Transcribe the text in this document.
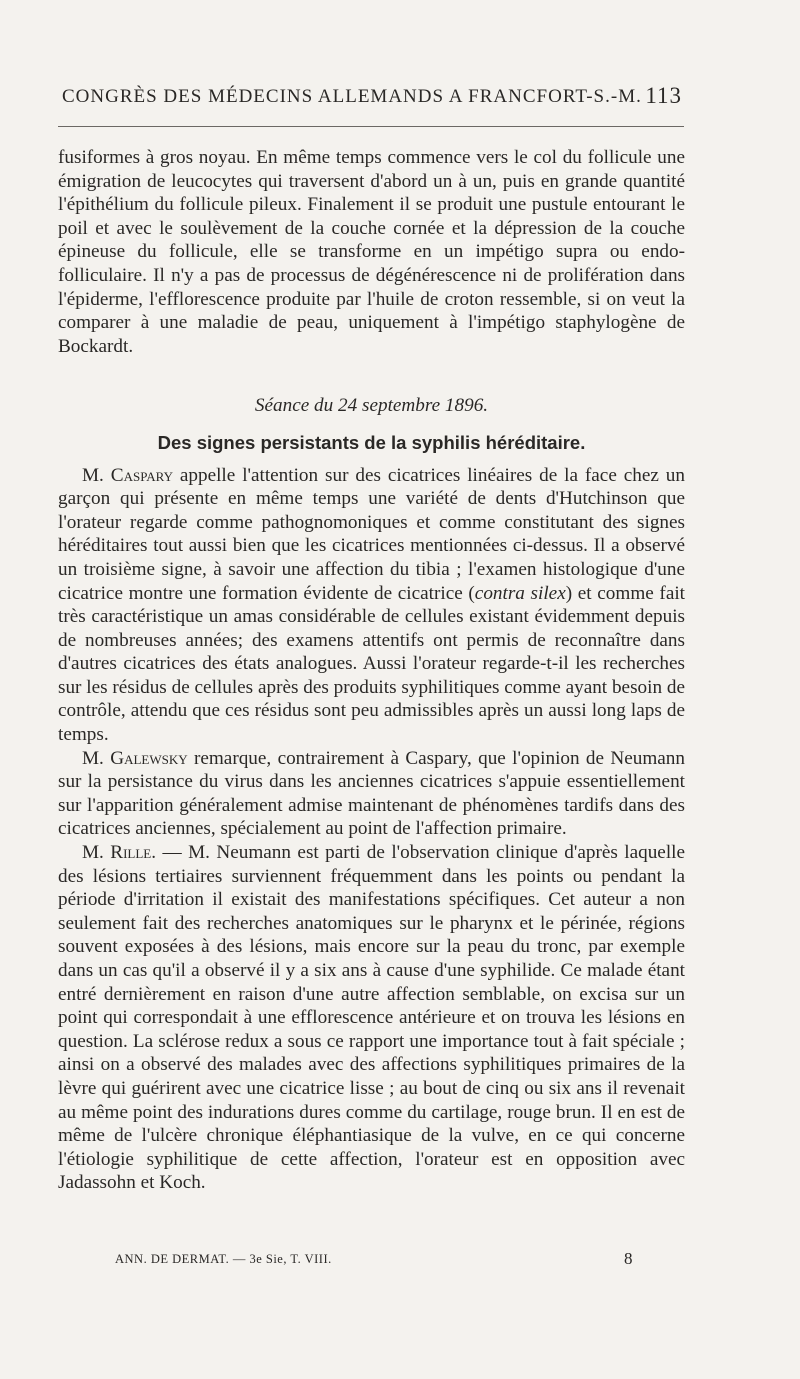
CONGRÈS DES MÉDECINS ALLEMANDS A FRANCFORT-S.-M. 113

fusiformes à gros noyau. En même temps commence vers le col du follicule une émigration de leucocytes qui traversent d'abord un à un, puis en grande quantité l'épithélium du follicule pileux. Finalement il se produit une pustule entourant le poil et avec le soulèvement de la couche cornée et la dépression de la couche épineuse du follicule, elle se transforme en un impétigo supra ou endo-folliculaire. Il n'y a pas de processus de dégénérescence ni de prolifération dans l'épiderme, l'efflorescence produite par l'huile de croton ressemble, si on veut la comparer à une maladie de peau, uniquement à l'impétigo staphylogène de Bockardt.

Séance du 24 septembre 1896.
Des signes persistants de la syphilis héréditaire.

M. Caspary appelle l'attention sur des cicatrices linéaires de la face chez un garçon qui présente en même temps une variété de dents d'Hutchinson que l'orateur regarde comme pathognomoniques et comme constitutant des signes héréditaires tout aussi bien que les cicatrices mentionnées ci-dessus. Il a observé un troisième signe, à savoir une affection du tibia ; l'examen histologique d'une cicatrice montre une formation évidente de cicatrice (contra silex) et comme fait très caractéristique un amas considérable de cellules existant évidemment depuis de nombreuses années; des examens attentifs ont permis de reconnaître dans d'autres cicatrices des états analogues. Aussi l'orateur regarde-t-il les recherches sur les résidus de cellules après des produits syphilitiques comme ayant besoin de contrôle, attendu que ces résidus sont peu admissibles après un aussi long laps de temps.

M. Galewsky remarque, contrairement à Caspary, que l'opinion de Neumann sur la persistance du virus dans les anciennes cicatrices s'appuie essentiellement sur l'apparition généralement admise maintenant de phénomènes tardifs dans des cicatrices anciennes, spécialement au point de l'affection primaire.

M. Rille. — M. Neumann est parti de l'observation clinique d'après laquelle des lésions tertiaires surviennent fréquemment dans les points ou pendant la période d'irritation il existait des manifestations spécifiques. Cet auteur a non seulement fait des recherches anatomiques sur le pharynx et le périnée, régions souvent exposées à des lésions, mais encore sur la peau du tronc, par exemple dans un cas qu'il a observé il y a six ans à cause d'une syphilide. Ce malade étant entré dernièrement en raison d'une autre affection semblable, on excisa sur un point qui correspondait à une efflorescence antérieure et on trouva les lésions en question. La sclérose redux a sous ce rapport une importance tout à fait spéciale ; ainsi on a observé des malades avec des affections syphilitiques primaires de la lèvre qui guérirent avec une cicatrice lisse ; au bout de cinq ou six ans il revenait au même point des indurations dures comme du cartilage, rouge brun. Il en est de même de l'ulcère chronique éléphantiasique de la vulve, en ce qui concerne l'étiologie syphilitique de cette affection, l'orateur est en opposition avec Jadassohn et Koch.

ANN. DE DERMAT. — 3e Sie, T. VIII.	8
